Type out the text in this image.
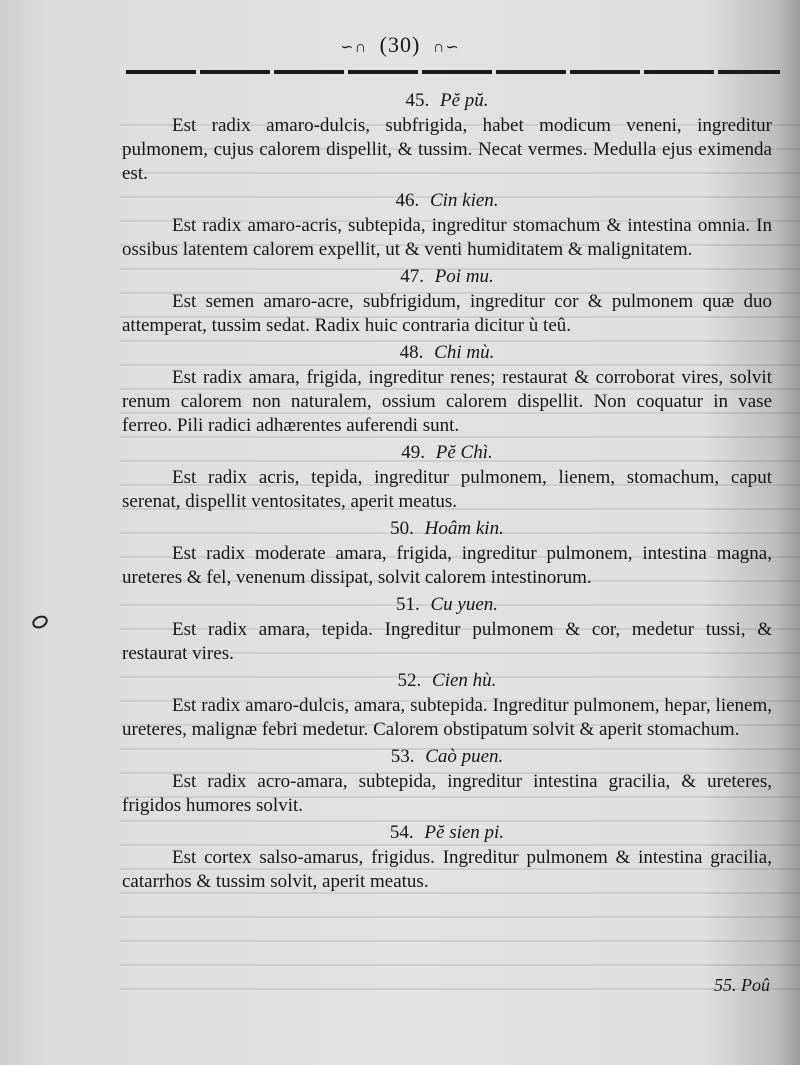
∽∩ (30) ∩∽
45. Pĕ pŭ.
Est radix amaro-dulcis, subfrigida, habet modicum veneni, ingreditur pulmonem, cujus calorem dispellit, & tussim. Necat vermes. Medulla ejus eximenda est.
46. Cin kien.
Est radix amaro-acris, subtepida, ingreditur stomachum & intestina omnia. In ossibus latentem calorem expellit, ut & venti humiditatem & malignitatem.
47. Poi mu.
Est semen amaro-acre, subfrigidum, ingreditur cor & pulmonem quæ duo attemperat, tussim sedat. Radix huic contraria dicitur ù teû.
48. Chi mù.
Est radix amara, frigida, ingreditur renes; restaurat & corroborat vires, solvit renum calorem non naturalem, ossium calorem dispellit. Non coquatur in vase ferreo. Pili radici adhærentes auferendi sunt.
49. Pĕ Chì.
Est radix acris, tepida, ingreditur pulmonem, lienem, stomachum, caput serenat, dispellit ventositates, aperit meatus.
50. Hoâm kin.
Est radix moderate amara, frigida, ingreditur pulmonem, intestina magna, ureteres & fel, venenum dissipat, solvit calorem intestinorum.
51. Cu yuen.
Est radix amara, tepida. Ingreditur pulmonem & cor, medetur tussi, & restaurat vires.
52. Cien hù.
Est radix amaro-dulcis, amara, subtepida. Ingreditur pulmonem, hepar, lienem, ureteres, malignæ febri medetur. Calorem obstipatum solvit & aperit stomachum.
53. Caò puen.
Est radix acro-amara, subtepida, ingreditur intestina gracilia, & ureteres, frigidos humores solvit.
54. Pĕ sien pi.
Est cortex salso-amarus, frigidus. Ingreditur pulmonem & intestina gracilia, catarrhos & tussim solvit, aperit meatus.
55. Poû
